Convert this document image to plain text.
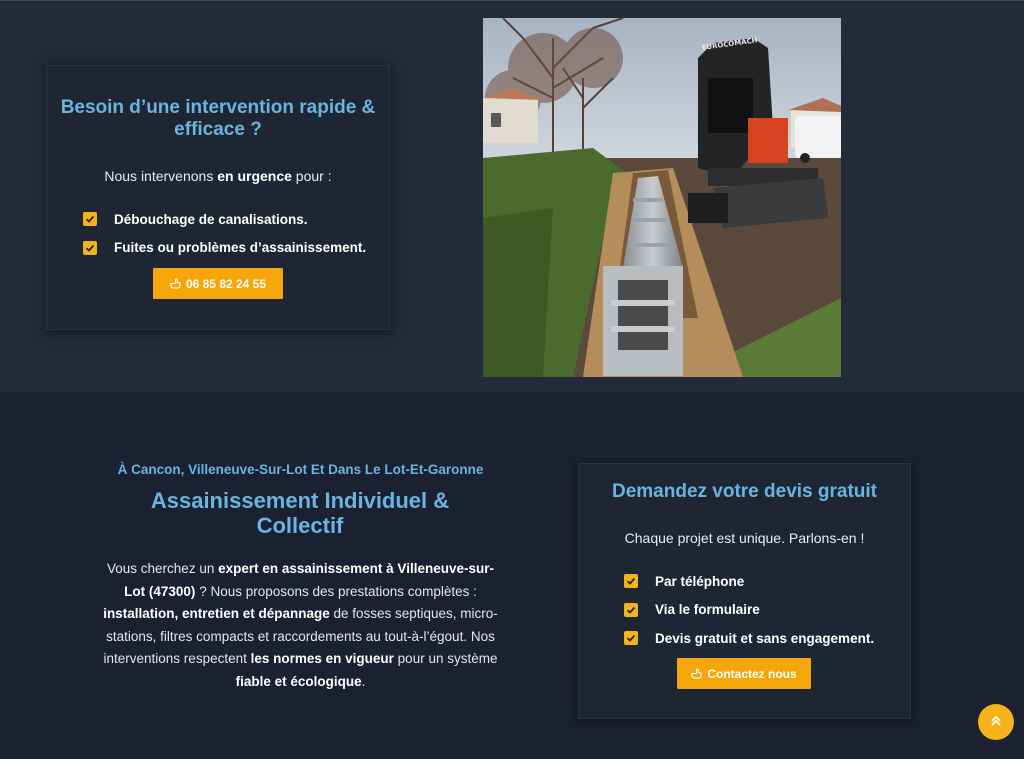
Besoin d’une intervention rapide & efficace ?

Nous intervenons en urgence pour :

Débouchage de canalisations.
Fuites ou problèmes d’assainissement.
06 85 82 24 55
EUROCOMACH

À Cancon, Villeneuve-Sur-Lot Et Dans Le Lot-Et-Garonne

Assainissement Individuel & Collectif

Vous cherchez un expert en assainissement à Villeneuve-sur-Lot (47300) ? Nous proposons des prestations complètes : installation, entretien et dépannage de fosses septiques, micro-stations, filtres compacts et raccordements au tout-à-l’égout. Nos interventions respectent les normes en vigueur pour un système fiable et écologique.

Demandez votre devis gratuit

Chaque projet est unique. Parlons-en !

Par téléphone
Via le formulaire
Devis gratuit et sans engagement.
Contactez nous
